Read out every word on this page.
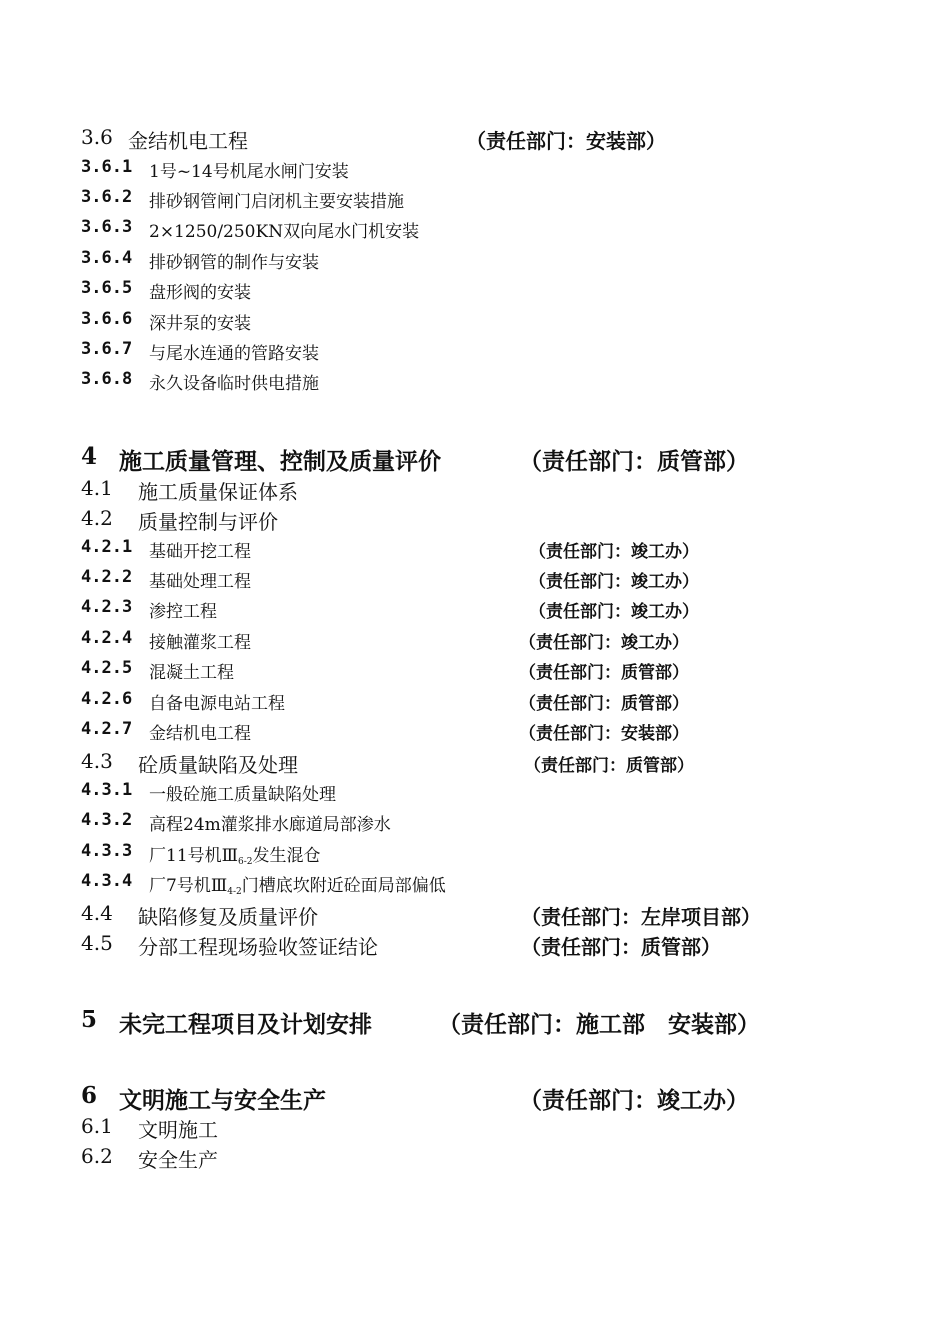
3.6 金结机电工程	（责任部门：安装部）
3.6.1 1号~14号机尾水闸门安装
3.6.2 排砂钢管闸门启闭机主要安装措施
3.6.3 2×1250/250KN双向尾水门机安装
3.6.4 排砂钢管的制作与安装
3.6.5 盘形阀的安装
3.6.6 深井泵的安装
3.6.7 与尾水连通的管路安装
3.6.8 永久设备临时供电措施
4 施工质量管理、控制及质量评价	（责任部门：质管部）
4.1 施工质量保证体系
4.2 质量控制与评价
4.2.1 基础开挖工程	（责任部门：竣工办）
4.2.2 基础处理工程	（责任部门：竣工办）
4.2.3 渗控工程	（责任部门：竣工办）
4.2.4 接触灌浆工程	（责任部门：竣工办）
4.2.5 混凝土工程	（责任部门：质管部）
4.2.6 自备电源电站工程	（责任部门：质管部）
4.2.7 金结机电工程	（责任部门：安装部）
4.3 砼质量缺陷及处理	（责任部门：质管部）
4.3.1 一般砼施工质量缺陷处理
4.3.2 高程24m灌浆排水廊道局部渗水
4.3.3 厂11号机$Ⅲ_{6-2}$发生混仓
4.3.4 厂7号机$Ⅲ_{4-2}$门槽底坎附近砼面局部偏低
4.4 缺陷修复及质量评价	（责任部门：左岸项目部）
4.5 分部工程现场验收签证结论	（责任部门：质管部）
5 未完工程项目及计划安排	（责任部门：施工部　安装部）
6 文明施工与安全生产	（责任部门：竣工办）
6.1 文明施工
6.2 安全生产
